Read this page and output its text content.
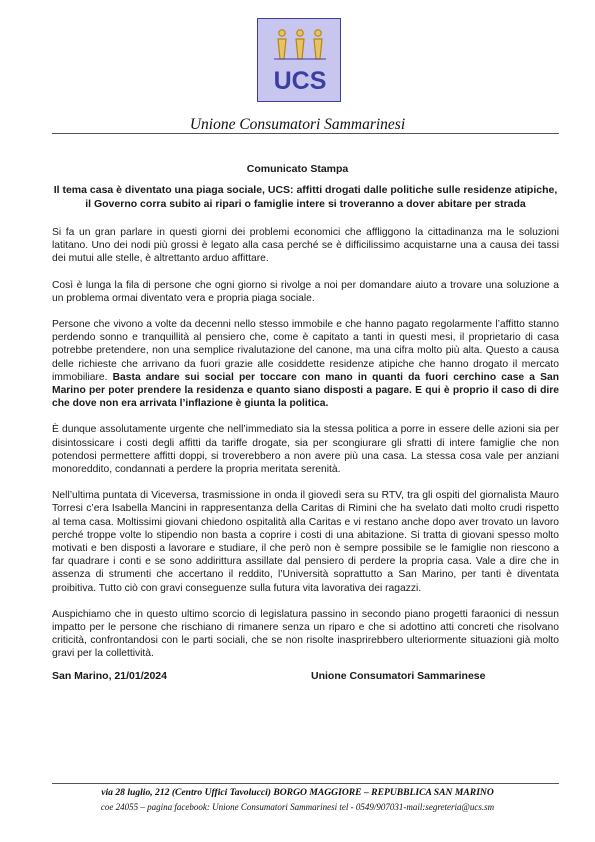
UCS
Unione Consumatori Sammarinesi
Comunicato Stampa
Il tema casa è diventato una piaga sociale, UCS: affitti drogati dalle politiche sulle residenze atipiche, il Governo corra subito ai ripari o famiglie intere si troveranno a dover abitare per strada

Si fa un gran parlare in questi giorni dei problemi economici che affliggono la cittadinanza ma le soluzioni latitano. Uno dei nodi più grossi è legato alla casa perché se è difficilissimo acquistarne una a causa dei tassi dei mutui alle stelle, è altrettanto arduo affittare.

Così è lunga la fila di persone che ogni giorno si rivolge a noi per domandare aiuto a trovare una soluzione a un problema ormai diventato vera e propria piaga sociale.

Persone che vivono a volte da decenni nello stesso immobile e che hanno pagato regolarmente l’affitto stanno perdendo sonno e tranquillità al pensiero che, come è capitato a tanti in questi mesi, il proprietario di casa potrebbe pretendere, non una semplice rivalutazione del canone, ma una cifra molto più alta. Questo a causa delle richieste che arrivano da fuori grazie alle cosiddette residenze atipiche che hanno drogato il mercato immobiliare. Basta andare sui social per toccare con mano in quanti da fuori cerchino case a San Marino per poter prendere la residenza e quanto siano disposti a pagare. E qui è proprio il caso di dire che dove non era arrivata l’inflazione è giunta la politica.

È dunque assolutamente urgente che nell’immediato sia la stessa politica a porre in essere delle azioni sia per disintossicare i costi degli affitti da tariffe drogate, sia per scongiurare gli sfratti di intere famiglie che non potendosi permettere affitti doppi, si troverebbero a non avere più una casa. La stessa cosa vale per anziani monoreddito, condannati a perdere la propria meritata serenità.

Nell’ultima puntata di Viceversa, trasmissione in onda il giovedì sera su RTV, tra gli ospiti del giornalista Mauro Torresi c’era Isabella Mancini in rappresentanza della Caritas di Rimini che ha svelato dati molto crudi rispetto al tema casa. Moltissimi giovani chiedono ospitalità alla Caritas e vi restano anche dopo aver trovato un lavoro perché troppe volte lo stipendio non basta a coprire i costi di una abitazione. Si tratta di giovani spesso molto motivati e ben disposti a lavorare e studiare, il che però non è sempre possibile se le famiglie non riescono a far quadrare i conti e se sono addirittura assillate dal pensiero di perdere la propria casa. Vale a dire che in assenza di strumenti che accertano il reddito, l’Università soprattutto a San Marino, per tanti è diventata proibitiva. Tutto ciò con gravi conseguenze sulla futura vita lavorativa dei ragazzi.

Auspichiamo che in questo ultimo scorcio di legislatura passino in secondo piano progetti faraonici di nessun impatto per le persone che rischiano di rimanere senza un riparo e che si adottino atti concreti che risolvano criticità, confrontandosi con le parti sociali, che se non risolte inasprirebbero ulteriormente situazioni già molto gravi per la collettività.

San Marino, 21/01/2024	Unione Consumatori Sammarinese
via 28 luglio, 212 (Centro Uffici Tavolucci) BORGO MAGGIORE – REPUBBLICA SAN MARINO
coe 24055 – pagina facebook: Unione Consumatori Sammarinesi tel - 0549/907031-mail:segreteria@ucs.sm
